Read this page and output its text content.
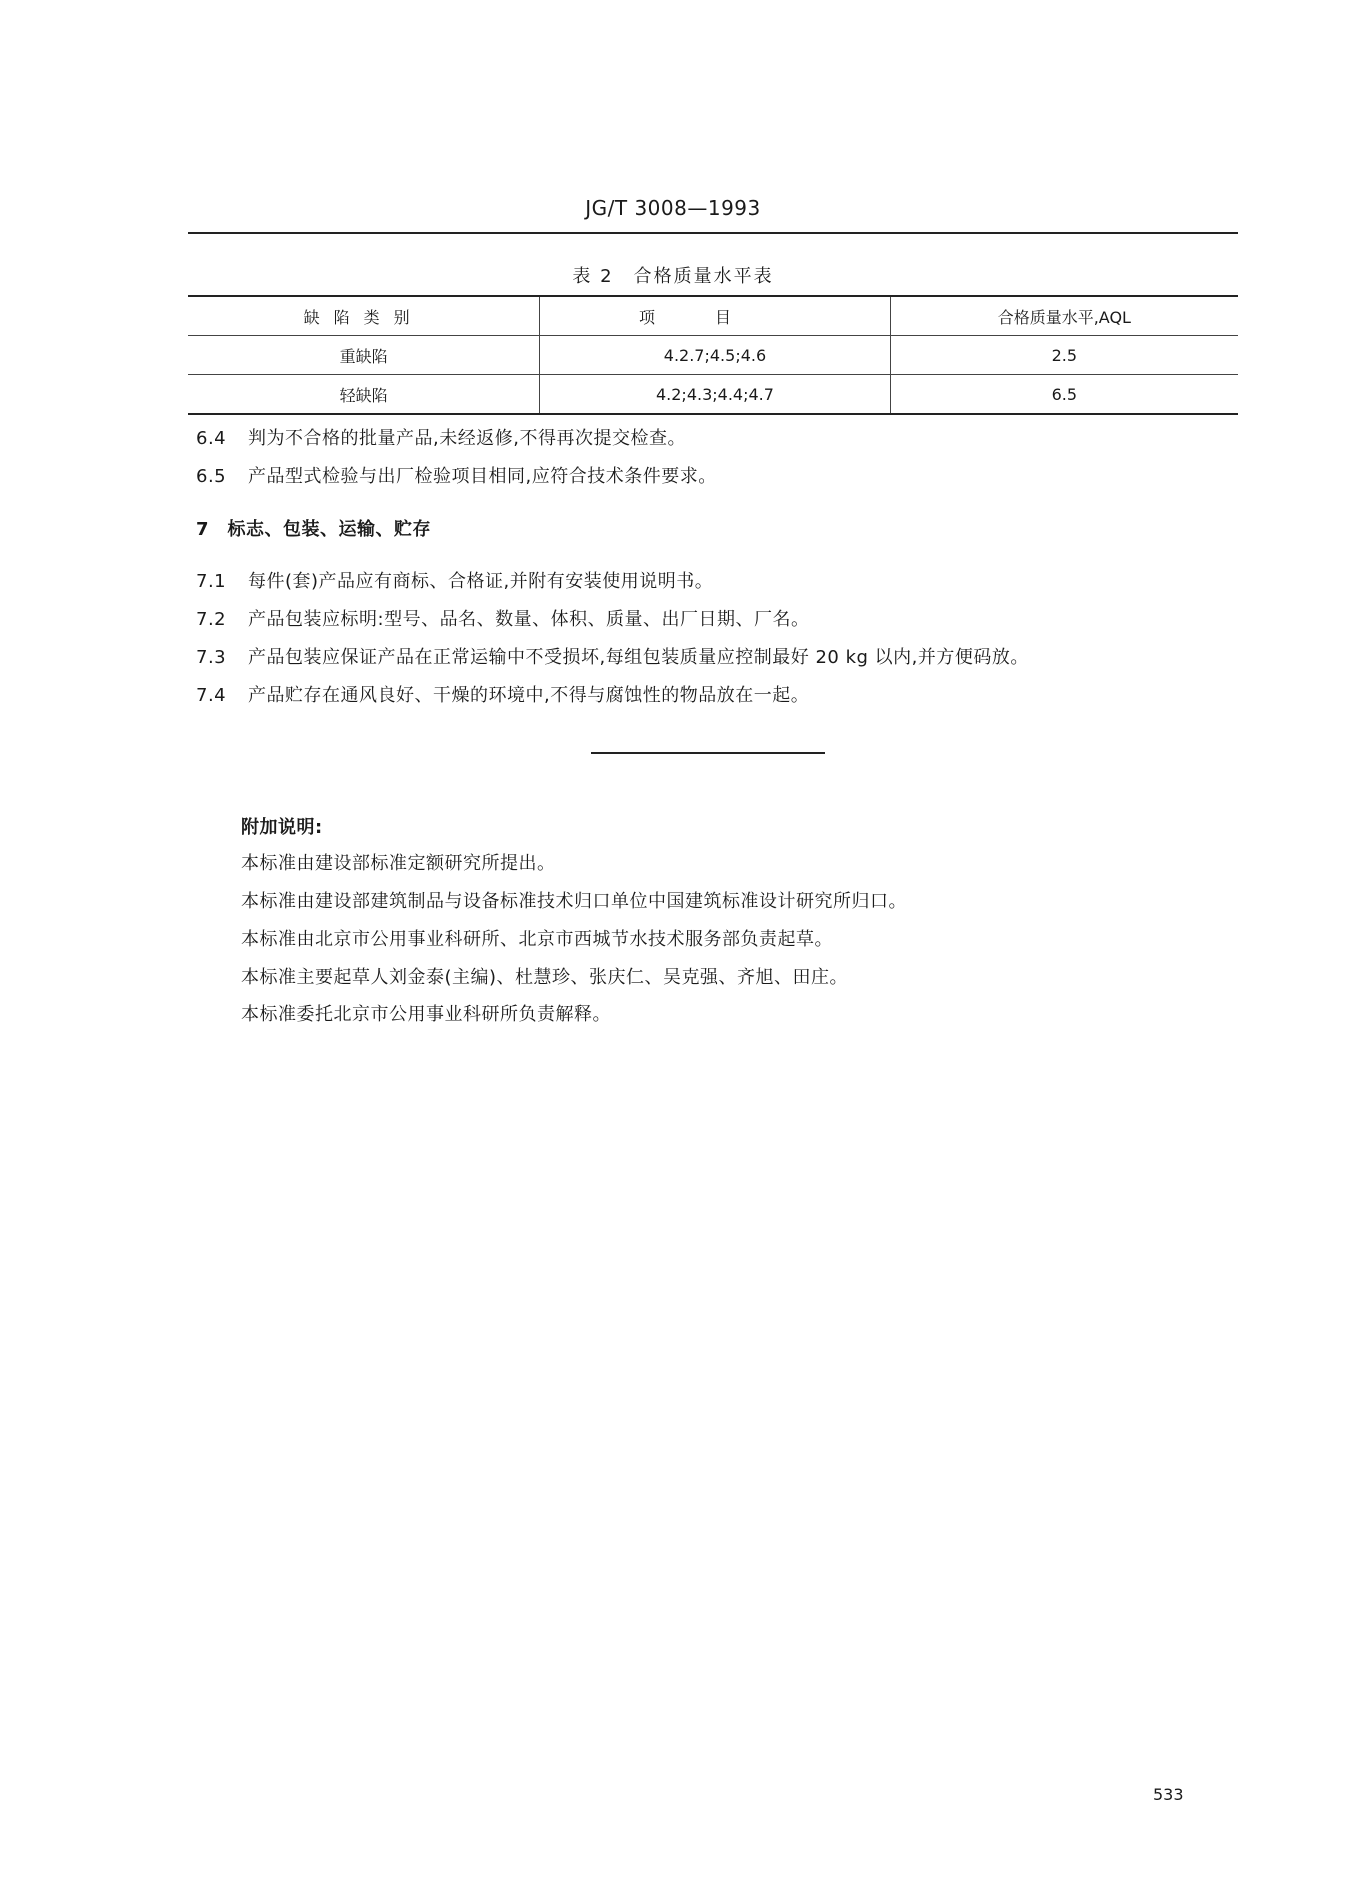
JG/T 3008—1993
表 2　合格质量水平表
缺陷类别	项目	合格质量水平,AQL
重缺陷	4.2.7;4.5;4.6	2.5
轻缺陷	4.2;4.3;4.4;4.7	6.5
6.4 判为不合格的批量产品,未经返修,不得再次提交检查。
6.5 产品型式检验与出厂检验项目相同,应符合技术条件要求。
7　标志、包装、运输、贮存
7.1 每件(套)产品应有商标、合格证,并附有安装使用说明书。
7.2 产品包装应标明:型号、品名、数量、体积、质量、出厂日期、厂名。
7.3 产品包装应保证产品在正常运输中不受损坏,每组包装质量应控制最好 20 kg 以内,并方便码放。
7.4 产品贮存在通风良好、干燥的环境中,不得与腐蚀性的物品放在一起。
附加说明:
本标准由建设部标准定额研究所提出。
本标准由建设部建筑制品与设备标准技术归口单位中国建筑标准设计研究所归口。
本标准由北京市公用事业科研所、北京市西城节水技术服务部负责起草。
本标准主要起草人刘金泰(主编)、杜慧珍、张庆仁、吴克强、齐旭、田庄。
本标准委托北京市公用事业科研所负责解释。
533
